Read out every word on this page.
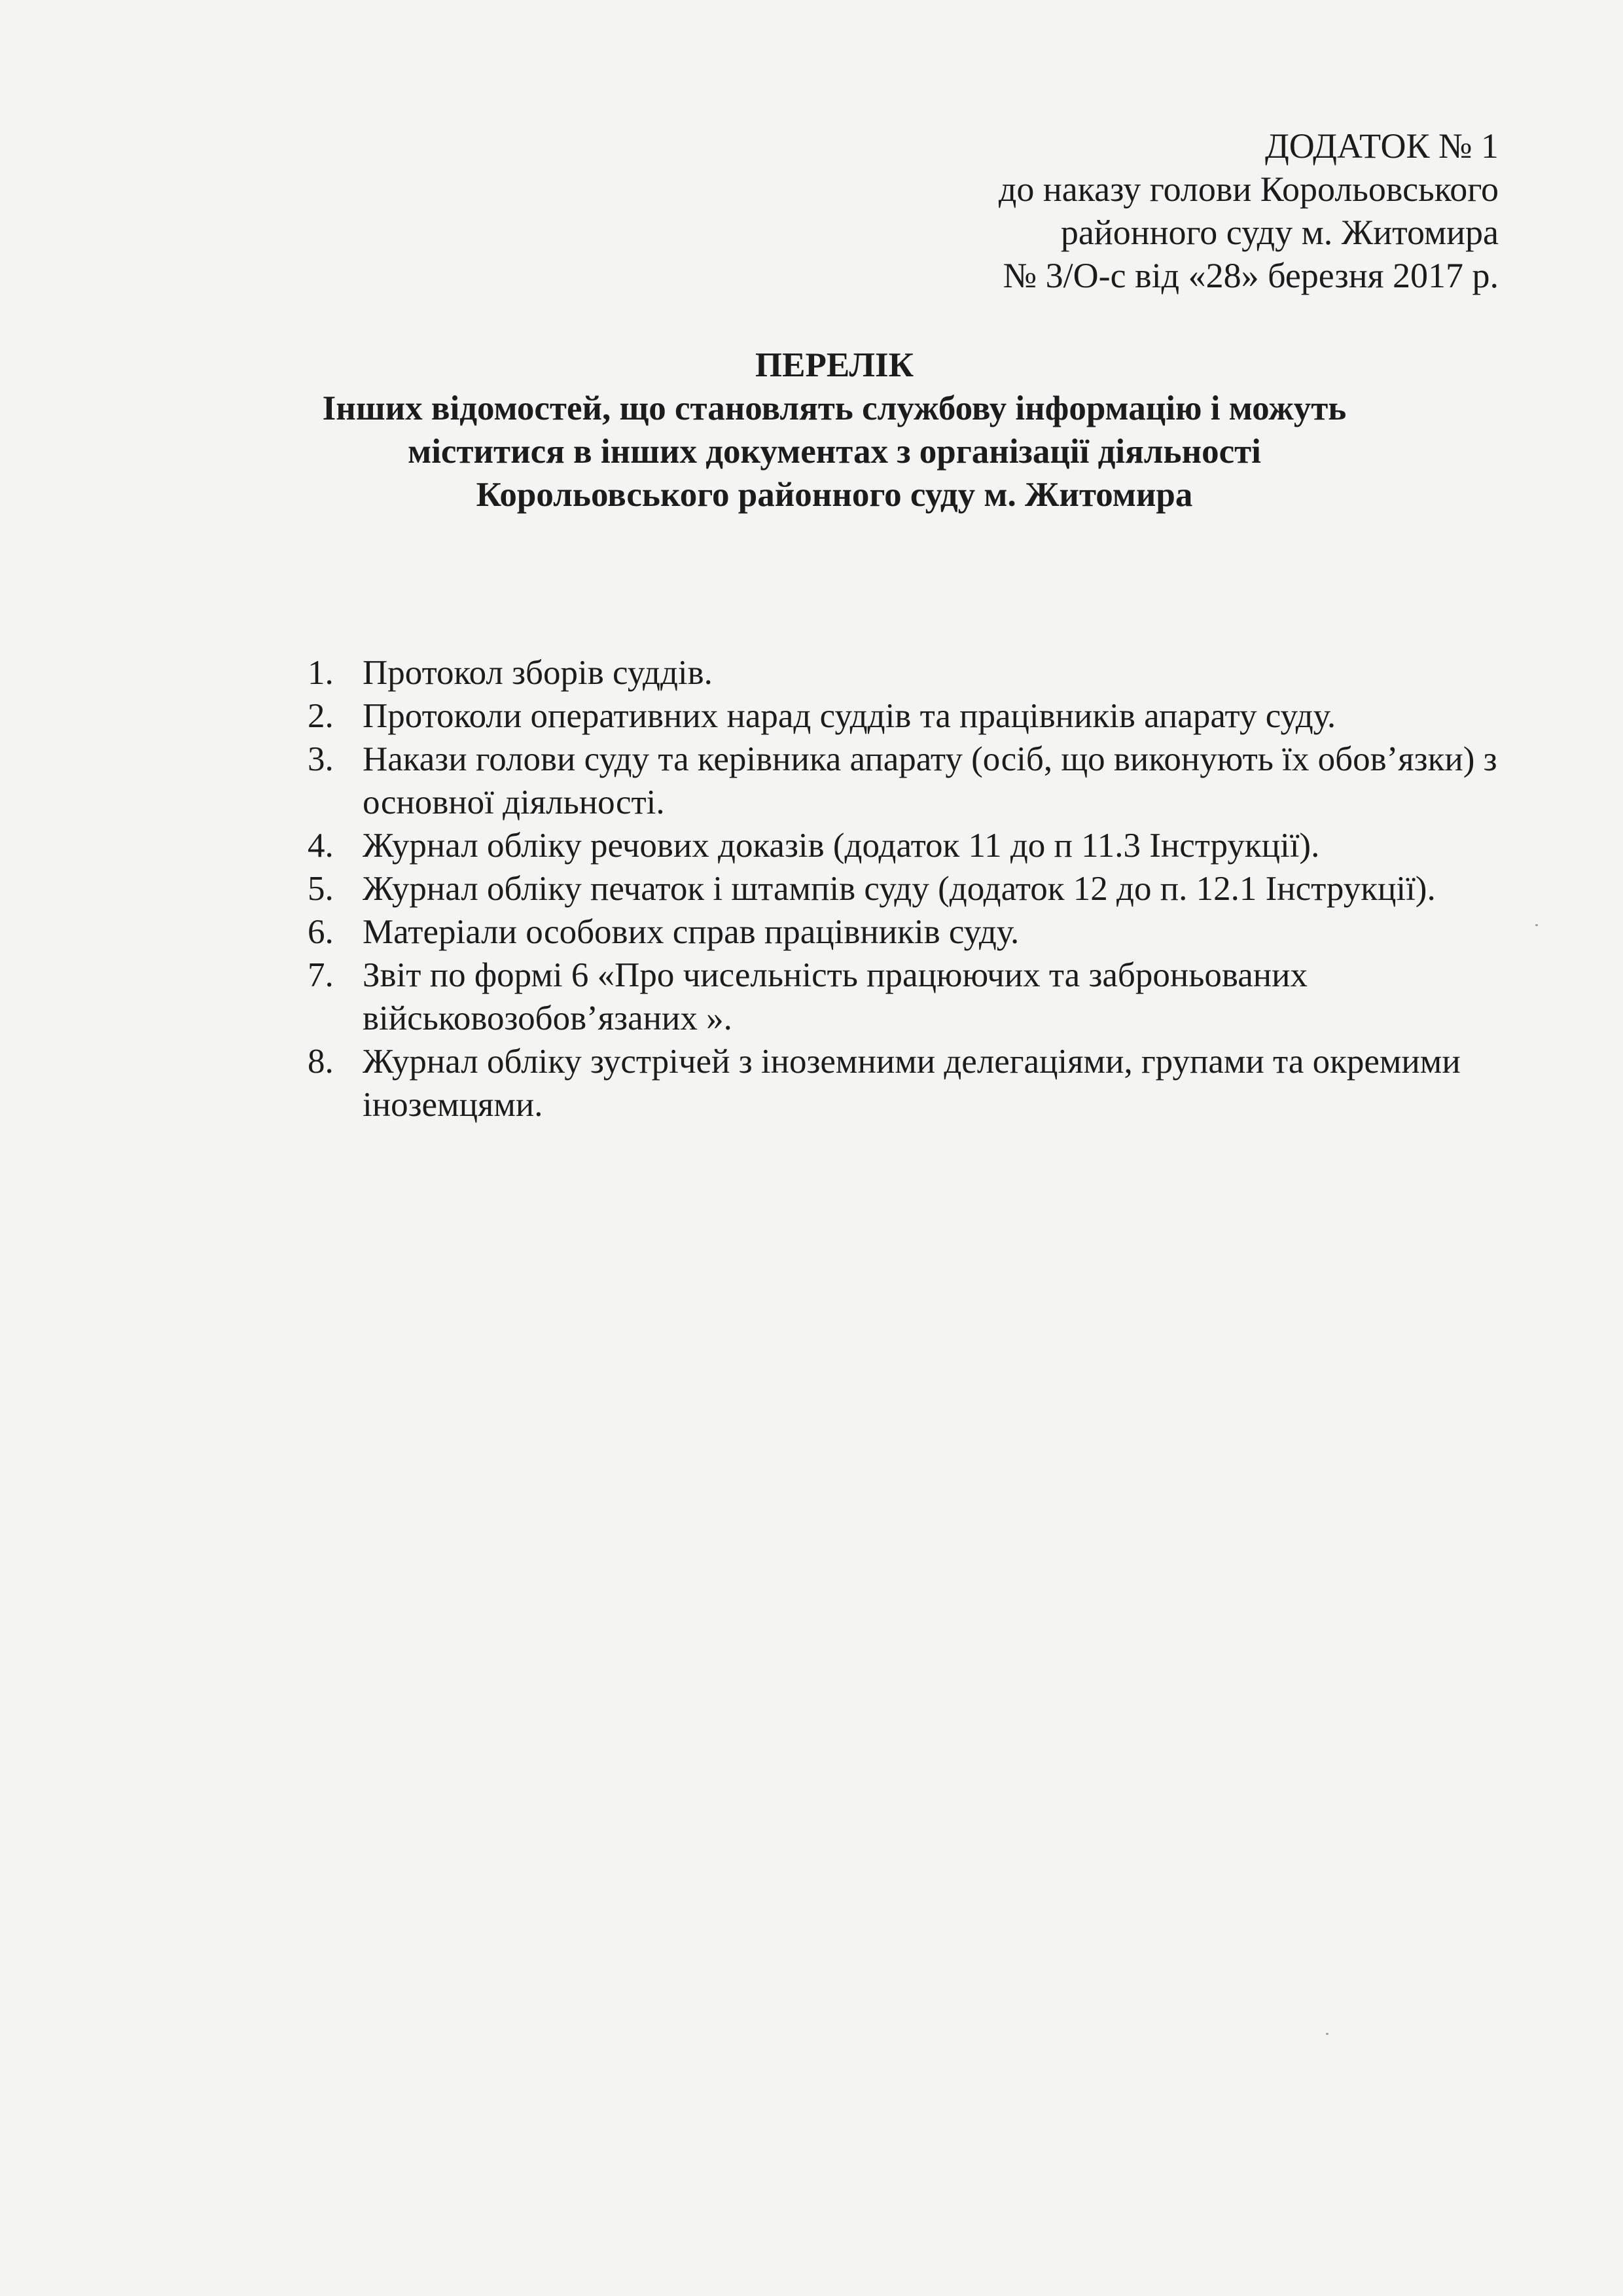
ДОДАТОК № 1
до наказу голови Корольовського
районного суду м. Житомира
№ 3/О-с від «28» березня 2017 р.
ПЕРЕЛІК
Інших відомостей, що становлять службову інформацію і можуть
міститися в інших документах з організації діяльності
Корольовського районного суду м. Житомира
1. Протокол зборів суддів.
2. Протоколи оперативних нарад суддів та працівників апарату суду.
3. Накази голови суду та керівника апарату (осіб, що виконують їх обов’язки) з основної діяльності.
4. Журнал обліку речових доказів (додаток 11 до п 11.3 Інструкції).
5. Журнал обліку печаток і штампів суду (додаток 12 до п. 12.1 Інструкції).
6. Матеріали особових справ працівників суду.
7. Звіт по формі 6 «Про чисельність працюючих та заброньованих військовозобов’язаних ».
8. Журнал обліку зустрічей з іноземними делегаціями, групами та окремими іноземцями.
